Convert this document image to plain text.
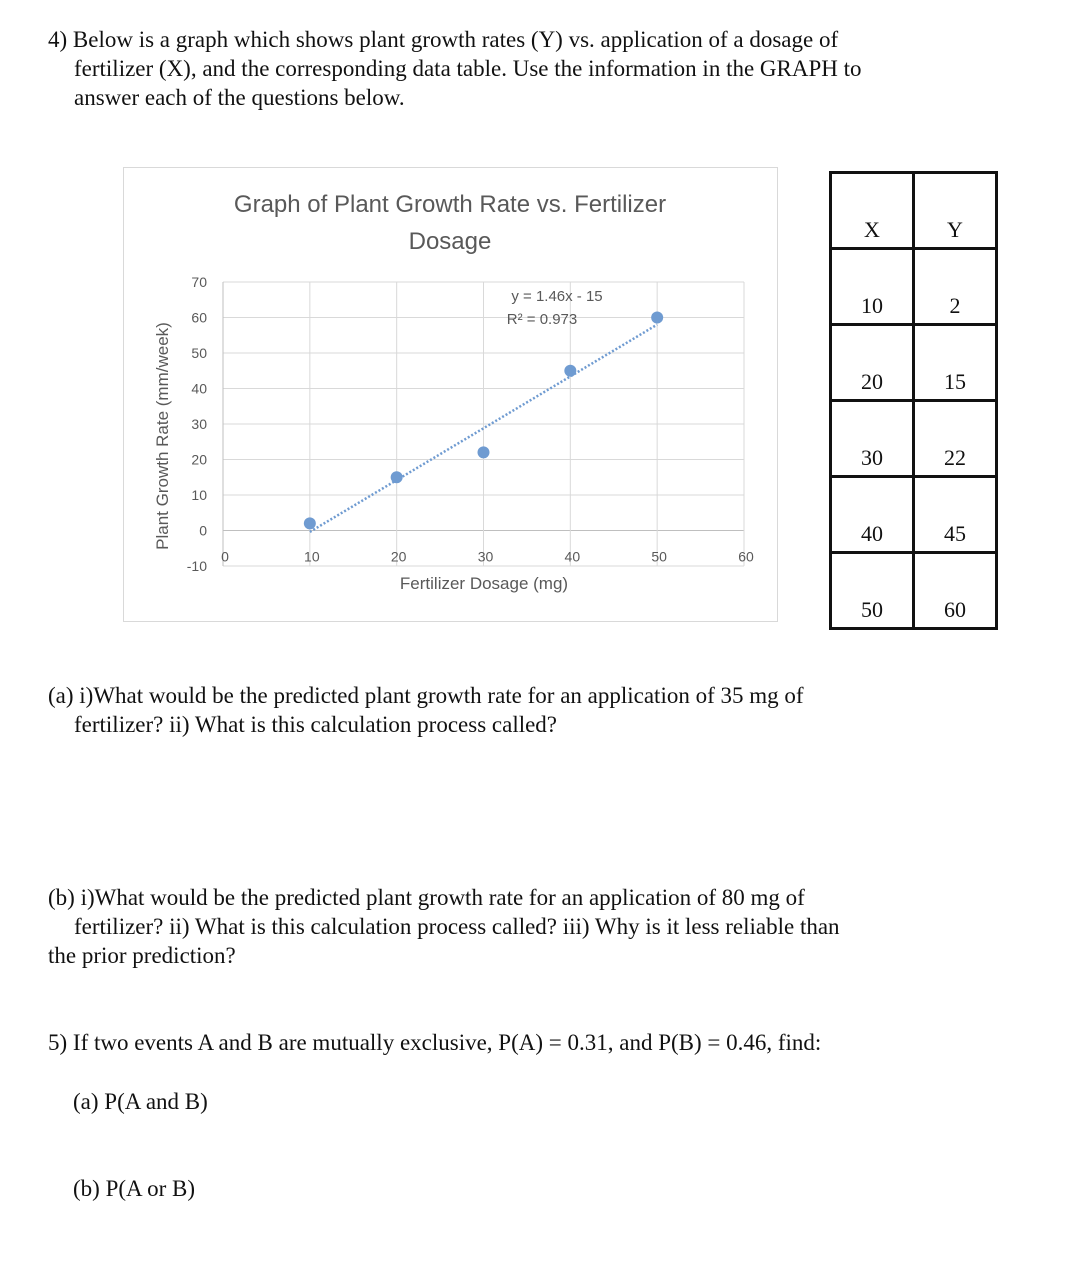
4) Below is a graph which shows plant growth rates (Y) vs. application of a dosage of
fertilizer (X), and the corresponding data table. Use the information in the GRAPH to
answer each of the questions below.
-10
0
10
20
30
40
50
60
70
0	10	20	30	40	50	60
Graph of Plant Growth Rate vs. Fertilizer
Dosage
Fertilizer Dosage (mg)
Plant Growth Rate (mm/week)
y = 1.46x - 15
R² = 0.973
X	Y
10	2
20	15
30	22
40	45
50	60
(a) i)What would be the predicted plant growth rate for an application of 35 mg of
fertilizer? ii) What is this calculation process called?
(b) i)What would be the predicted plant growth rate for an application of 80 mg of
fertilizer? ii) What is this calculation process called? iii) Why is it less reliable than
the prior prediction?
5) If two events A and B are mutually exclusive, P(A) = 0.31, and P(B) = 0.46, find:
(a) P(A and B)
(b) P(A or B)
